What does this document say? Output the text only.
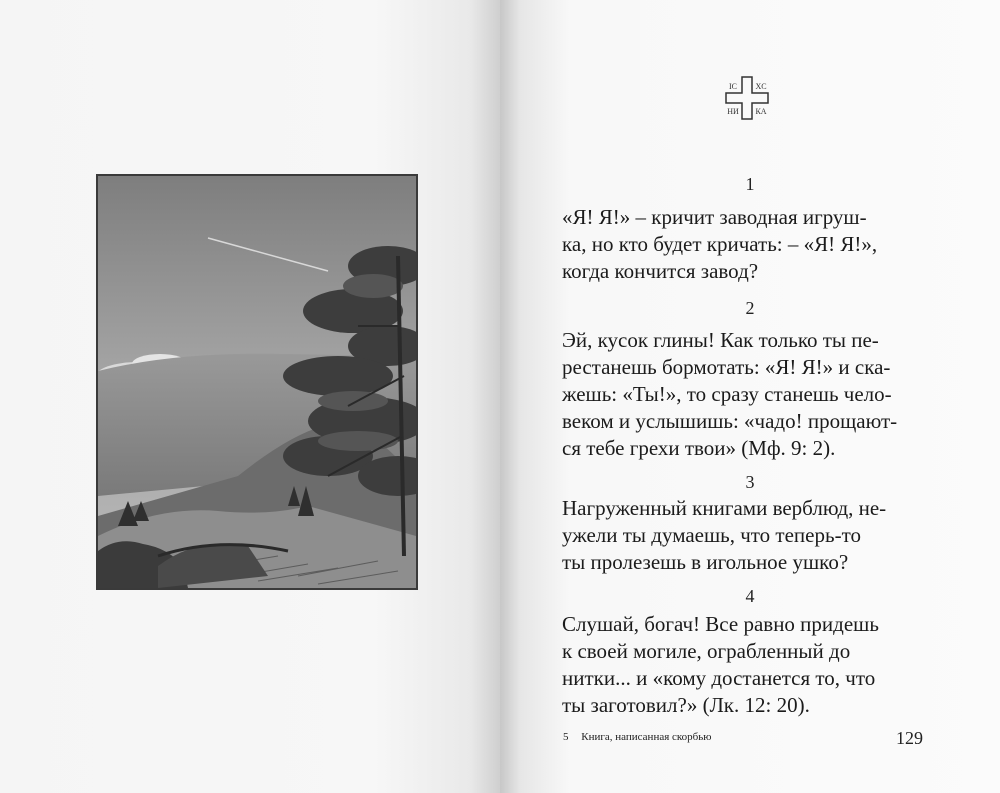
IC XC
НИ КА
1

«Я! Я!» – кричит заводная игруш-
ка, но кто будет кричать: – «Я! Я!»,
когда кончится завод?

2

Эй, кусок глины! Как только ты пе-
рестанешь бормотать: «Я! Я!» и ска-
жешь: «Ты!», то сразу станешь чело-
веком и услышишь: «чадо! прощают-
ся тебе грехи твои» (Мф. 9: 2).

3

Нагруженный книгами верблюд, не-
ужели ты думаешь, что теперь-то
ты пролезешь в игольное ушко?

4

Слушай, богач! Все равно придешь
к своей могиле, ограбленный до
нитки... и «кому достанется то, что
ты заготовил?» (Лк. 12: 20).

5 Книга, написанная скорбью	129
